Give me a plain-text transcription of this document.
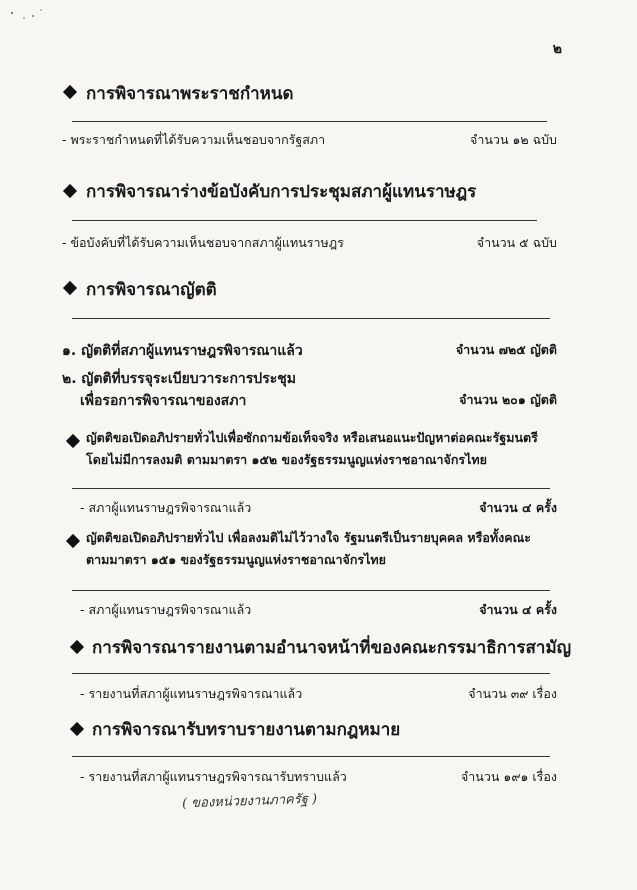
๒
การพิจารณาพระราชกำหนด
- พระราชกำหนดที่ได้รับความเห็นชอบจากรัฐสภา	จำนวน ๑๒ ฉบับ
การพิจารณาร่างข้อบังคับการประชุมสภาผู้แทนราษฎร
- ข้อบังคับที่ได้รับความเห็นชอบจากสภาผู้แทนราษฎร	จำนวน ๕ ฉบับ
การพิจารณาญัตติ
๑. ญัตติที่สภาผู้แทนราษฎรพิจารณาแล้ว	จำนวน ๗๒๕ ญัตติ
๒. ญัตติที่บรรจุระเบียบวาระการประชุม
เพื่อรอการพิจารณาของสภา	จำนวน ๒๐๑ ญัตติ
ญัตติขอเปิดอภิปรายทั่วไปเพื่อซักถามข้อเท็จจริง หรือเสนอแนะปัญหาต่อคณะรัฐมนตรี
โดยไม่มีการลงมติ ตามมาตรา ๑๕๒ ของรัฐธรรมนูญแห่งราชอาณาจักรไทย
- สภาผู้แทนราษฎรพิจารณาแล้ว	จำนวน ๔ ครั้ง
ญัตติขอเปิดอภิปรายทั่วไป เพื่อลงมติไม่ไว้วางใจ รัฐมนตรีเป็นรายบุคคล หรือทั้งคณะ
ตามมาตรา ๑๕๑ ของรัฐธรรมนูญแห่งราชอาณาจักรไทย
- สภาผู้แทนราษฎรพิจารณาแล้ว	จำนวน ๔ ครั้ง
การพิจารณารายงานตามอำนาจหน้าที่ของคณะกรรมาธิการสามัญ
- รายงานที่สภาผู้แทนราษฎรพิจารณาแล้ว	จำนวน ๓๙ เรื่อง
การพิจารณารับทราบรายงานตามกฎหมาย
- รายงานที่สภาผู้แทนราษฎรพิจารณารับทราบแล้ว	จำนวน ๑๙๑ เรื่อง
( ของหน่วยงานภาครัฐ )
